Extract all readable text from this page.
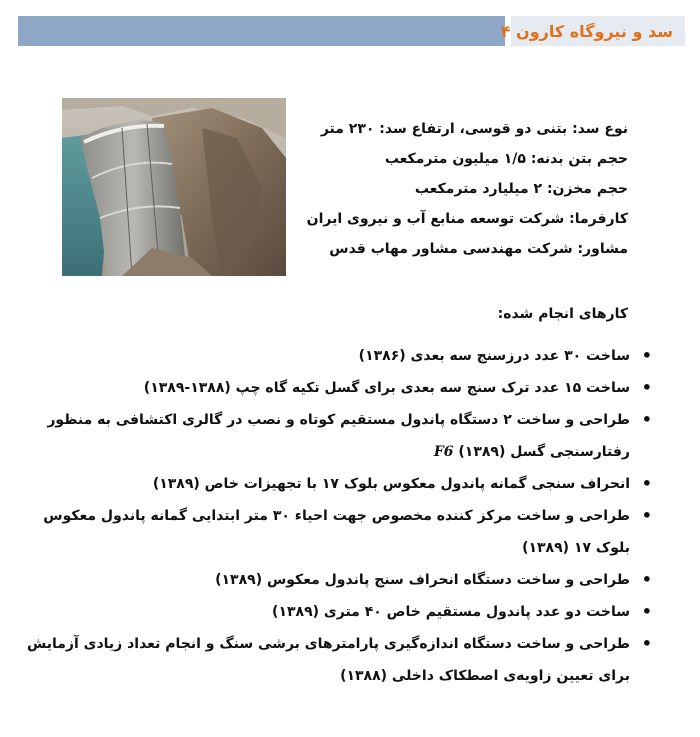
سد و نیروگاه کارون ۴
نوع سد: بتنی دو قوسی، ارتفاع سد: ۲۳۰ متر
حجم بتن بدنه: ۱/۵ میلیون مترمکعب
حجم مخزن: ۲ میلیارد مترمکعب
کارفرما: شرکت توسعه منابع آب و نیروی ایران
مشاور: شرکت مهندسی مشاور مهاب قدس
کارهای انجام شده:
• ساخت ۳۰ عدد درزسنج سه بعدی (۱۳۸۶)
• ساخت ۱۵ عدد ترک سنج سه بعدی برای گسل تکیه گاه چپ (۱۳۸۸-۱۳۸۹)
• طراحی و ساخت ۲ دستگاه پاندول مستقیم کوتاه و نصب در گالری اکتشافی به منظور
رفتارسنجی گسل F6 (۱۳۸۹)
• انحراف سنجی گمانه پاندول معکوس بلوک ۱۷ با تجهیزات خاص (۱۳۸۹)
• طراحی و ساخت مرکز کننده مخصوص جهت احیاء ۳۰ متر ابتدایی گمانه پاندول معکوس
بلوک ۱۷ (۱۳۸۹)
• طراحی و ساخت دستگاه انحراف سنج پاندول معکوس (۱۳۸۹)
• ساخت دو عدد پاندول مستقیم خاص ۴۰ متری (۱۳۸۹)
• طراحی و ساخت دستگاه اندازه‌گیری پارامترهای برشی سنگ و انجام تعداد زیادی آزمایش
برای تعیین زاویه‌ی اصطکاک داخلی (۱۳۸۸)
